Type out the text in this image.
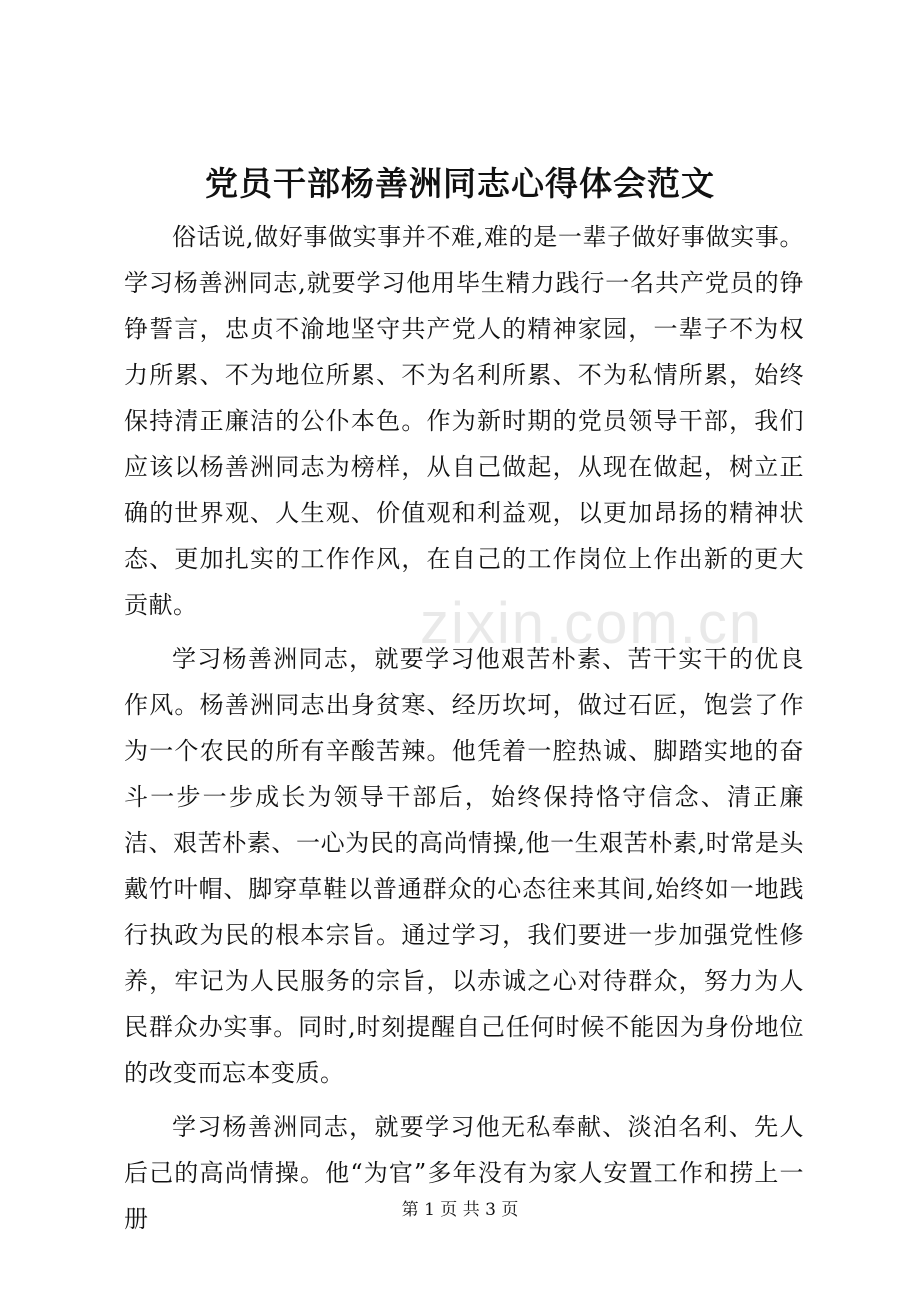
党员干部杨善洲同志心得体会范文

俗话说,做好事做实事并不难,难的是一辈子做好事做实事。学习杨善洲同志,就要学习他用毕生精力践行一名共产党员的铮铮誓言，忠贞不渝地坚守共产党人的精神家园，一辈子不为权力所累、不为地位所累、不为名利所累、不为私情所累，始终保持清正廉洁的公仆本色。作为新时期的党员领导干部，我们应该以杨善洲同志为榜样，从自己做起，从现在做起，树立正确的世界观、人生观、价值观和利益观，以更加昂扬的精神状态、更加扎实的工作作风，在自己的工作岗位上作出新的更大贡献。

学习杨善洲同志，就要学习他艰苦朴素、苦干实干的优良作风。杨善洲同志出身贫寒、经历坎坷，做过石匠，饱尝了作为一个农民的所有辛酸苦辣。他凭着一腔热诚、脚踏实地的奋斗一步一步成长为领导干部后，始终保持恪守信念、清正廉洁、艰苦朴素、一心为民的高尚情操,他一生艰苦朴素,时常是头戴竹叶帽、脚穿草鞋以普通群众的心态往来其间,始终如一地践行执政为民的根本宗旨。通过学习，我们要进一步加强党性修养，牢记为人民服务的宗旨，以赤诚之心对待群众，努力为人民群众办实事。同时,时刻提醒自己任何时候不能因为身份地位的改变而忘本变质。

学习杨善洲同志，就要学习他无私奉献、淡泊名利、先人后己的高尚情操。他“为官”多年没有为家人安置工作和捞上一册

zixin.com.cn
第 1 页 共 3 页
